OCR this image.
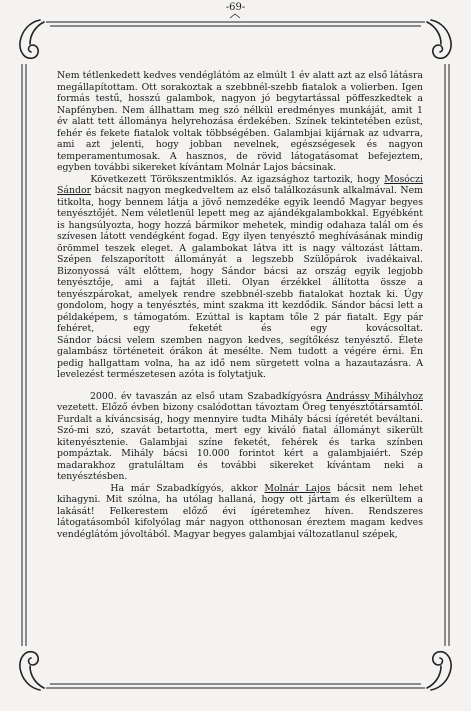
-69-

Nem tétlenkedett kedves vendéglátóm az elmúlt 1 év alatt azt az első látásra
megállapítottam. Ott sorakoztak a szebbnél-szebb fiatalok a volierben. Igen
formás testű, hosszú galambok, nagyon jó begytartással pöffeszkedtek a
Napfényben. Nem állhattam meg szó nélkül eredményes munkáját, amit 1
év alatt tett állománya helyrehozása érdekében. Színek tekintetében ezüst,
fehér és fekete fiatalok voltak többségében. Galambjai kijárnak az udvarra,
ami azt jelenti, hogy jobban nevelnek, egészségesek és nagyon
temperamentumosak. A hasznos, de rövid látogatásomat befejeztem,
egyben további sikereket kívántam Molnár Lajos bácsinak.

Következett Törökszentmiklós. Az igazsághoz tartozik, hogy Mosóczi
Sándor bácsit nagyon megkedveltem az első találkozásunk alkalmával. Nem
titkolta, hogy bennem látja a jövő nemzedéke egyik leendő Magyar begyes
tenyésztőjét. Nem véletlenül lepett meg az ajándékgalambokkal. Egyébként
is hangsúlyozta, hogy hozzá bármikor mehetek, mindig odahaza talál om és
szívesen látott vendégként fogad. Egy ilyen tenyésztő meghívásának mindig
örömmel teszek eleget. A galambokat látva itt is nagy változást láttam.
Szépen felszaporított állományát a legszebb Szülőpárok ivadékaival.
Bizonyossá vált előttem, hogy Sándor bácsi az ország egyik legjobb
tenyésztője, ami a fajtát illeti. Olyan érzékkel állította össze a
tenyészpárokat, amelyek rendre szebbnél-szebb fiatalokat hoztak ki. Úgy
gondolom, hogy a tenyésztés, mint szakma itt kezdődik. Sándor bácsi lett a
példaképem, s támogatóm. Ezúttal is kaptam tőle 2 pár fiatalt. Egy pár
fehéret, egy feketét és egy kovácsoltat.
Sándor bácsi velem szemben nagyon kedves, segítőkész tenyésztő. Élete
galambász történeteit órákon át mesélte. Nem tudott a végére érni. Én
pedig hallgattam volna, ha az idő nem sürgetett volna a hazautazásra. A
levelezést természetesen azóta is folytatjuk.

2000. év tavaszán az első utam Szabadkígyósra Andrássy Mihályhoz
vezetett. Előző évben bizony csalódottan távoztam Öreg tenyésztőtársamtól.
Furdalt a kíváncsiság, hogy mennyire tudta Mihály bácsi ígéretét beváltani.
Szó-mi szó, szavát betartotta, mert egy kiváló fiatal állományt sikerült
kitenyésztenie. Galambjai színe feketét, fehérek és tarka színben
pompáztak. Mihály bácsi 10.000 forintot kért a galambjaiért. Szép
madarakhoz gratuláltam és további sikereket kívántam neki a
tenyésztésben.

Ha már Szabadkígyós, akkor Molnár Lajos bácsit nem lehet
kihagyni. Mit szólna, ha utólag hallaná, hogy ott jártam és elkerültem a
lakását! Felkerestem előző évi ígéretemhez híven. Rendszeres
látogatásomból kifolyólag már nagyon otthonosan éreztem magam kedves
vendéglátóm jóvoltából. Magyar begyes galambjai változatlanul szépek,
